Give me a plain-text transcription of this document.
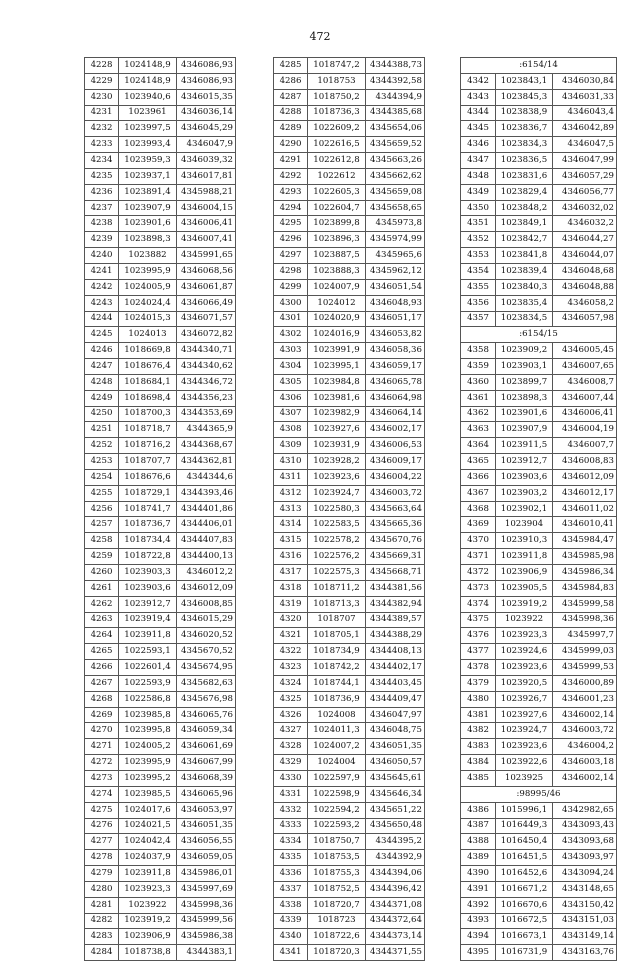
472
4228	1024148,9	4346086,93
4229	1024148,9	4346086,93
4230	1023940,6	4346015,35
4231	1023961	4346036,14
4232	1023997,5	4346045,29
4233	1023993,4	4346047,9
4234	1023959,3	4346039,32
4235	1023937,1	4346017,81
4236	1023891,4	4345988,21
4237	1023907,9	4346004,15
4238	1023901,6	4346006,41
4239	1023898,3	4346007,41
4240	1023882	4345991,65
4241	1023995,9	4346068,56
4242	1024005,9	4346061,87
4243	1024024,4	4346066,49
4244	1024015,3	4346071,57
4245	1024013	4346072,82
4246	1018669,8	4344340,71
4247	1018676,4	4344340,62
4248	1018684,1	4344346,72
4249	1018698,4	4344356,23
4250	1018700,3	4344353,69
4251	1018718,7	4344365,9
4252	1018716,2	4344368,67
4253	1018707,7	4344362,81
4254	1018676,6	4344344,6
4255	1018729,1	4344393,46
4256	1018741,7	4344401,86
4257	1018736,7	4344406,01
4258	1018734,4	4344407,83
4259	1018722,8	4344400,13
4260	1023903,3	4346012,2
4261	1023903,6	4346012,09
4262	1023912,7	4346008,85
4263	1023919,4	4346015,29
4264	1023911,8	4346020,52
4265	1022593,1	4345670,52
4266	1022601,4	4345674,95
4267	1022593,9	4345682,63
4268	1022586,8	4345676,98
4269	1023985,8	4346065,76
4270	1023995,8	4346059,34
4271	1024005,2	4346061,69
4272	1023995,9	4346067,99
4273	1023995,2	4346068,39
4274	1023985,5	4346065,96
4275	1024017,6	4346053,97
4276	1024021,5	4346051,35
4277	1024042,4	4346056,55
4278	1024037,9	4346059,05
4279	1023911,8	4345986,01
4280	1023923,3	4345997,69
4281	1023922	4345998,36
4282	1023919,2	4345999,56
4283	1023906,9	4345986,38
4284	1018738,8	4344383,1
4285	1018747,2	4344388,73
4286	1018753	4344392,58
4287	1018750,2	4344394,9
4288	1018736,3	4344385,68
4289	1022609,2	4345654,06
4290	1022616,5	4345659,52
4291	1022612,8	4345663,26
4292	1022612	4345662,62
4293	1022605,3	4345659,08
4294	1022604,7	4345658,65
4295	1023899,8	4345973,8
4296	1023896,3	4345974,99
4297	1023887,5	4345965,6
4298	1023888,3	4345962,12
4299	1024007,9	4346051,54
4300	1024012	4346048,93
4301	1024020,9	4346051,17
4302	1024016,9	4346053,82
4303	1023991,9	4346058,36
4304	1023995,1	4346059,17
4305	1023984,8	4346065,78
4306	1023981,6	4346064,98
4307	1023982,9	4346064,14
4308	1023927,6	4346002,17
4309	1023931,9	4346006,53
4310	1023928,2	4346009,17
4311	1023923,6	4346004,22
4312	1023924,7	4346003,72
4313	1022580,3	4345663,64
4314	1022583,5	4345665,36
4315	1022578,2	4345670,76
4316	1022576,2	4345669,31
4317	1022575,3	4345668,71
4318	1018711,2	4344381,56
4319	1018713,3	4344382,94
4320	1018707	4344389,57
4321	1018705,1	4344388,29
4322	1018734,9	4344408,13
4323	1018742,2	4344402,17
4324	1018744,1	4344403,45
4325	1018736,9	4344409,47
4326	1024008	4346047,97
4327	1024011,3	4346048,75
4328	1024007,2	4346051,35
4329	1024004	4346050,57
4330	1022597,9	4345645,61
4331	1022598,9	4345646,34
4332	1022594,2	4345651,22
4333	1022593,2	4345650,48
4334	1018750,7	4344395,2
4335	1018753,5	4344392,9
4336	1018755,3	4344394,06
4337	1018752,5	4344396,42
4338	1018720,7	4344371,08
4339	1018723	4344372,64
4340	1018722,6	4344373,14
4341	1018720,3	4344371,55
:6154/14		
4342	1023843,1	4346030,84
4343	1023845,3	4346031,33
4344	1023838,9	4346043,4
4345	1023836,7	4346042,89
4346	1023834,3	4346047,5
4347	1023836,5	4346047,99
4348	1023831,6	4346057,29
4349	1023829,4	4346056,77
4350	1023848,2	4346032,02
4351	1023849,1	4346032,2
4352	1023842,7	4346044,27
4353	1023841,8	4346044,07
4354	1023839,4	4346048,68
4355	1023840,3	4346048,88
4356	1023835,4	4346058,2
4357	1023834,5	4346057,98
:6154/15		
4358	1023909,2	4346005,45
4359	1023903,1	4346007,65
4360	1023899,7	4346008,7
4361	1023898,3	4346007,44
4362	1023901,6	4346006,41
4363	1023907,9	4346004,19
4364	1023911,5	4346007,7
4365	1023912,7	4346008,83
4366	1023903,6	4346012,09
4367	1023903,2	4346012,17
4368	1023902,1	4346011,02
4369	1023904	4346010,41
4370	1023910,3	4345984,47
4371	1023911,8	4345985,98
4372	1023906,9	4345986,34
4373	1023905,5	4345984,83
4374	1023919,2	4345999,58
4375	1023922	4345998,36
4376	1023923,3	4345997,7
4377	1023924,6	4345999,03
4378	1023923,6	4345999,53
4379	1023920,5	4346000,89
4380	1023926,7	4346001,23
4381	1023927,6	4346002,14
4382	1023924,7	4346003,72
4383	1023923,6	4346004,2
4384	1023922,6	4346003,18
4385	1023925	4346002,14
:98995/46		
4386	1015996,1	4342982,65
4387	1016449,3	4343093,43
4388	1016450,4	4343093,68
4389	1016451,5	4343093,97
4390	1016452,6	4343094,24
4391	1016671,2	4343148,65
4392	1016670,6	4343150,42
4393	1016672,5	4343151,03
4394	1016673,1	4343149,14
4395	1016731,9	4343163,76
